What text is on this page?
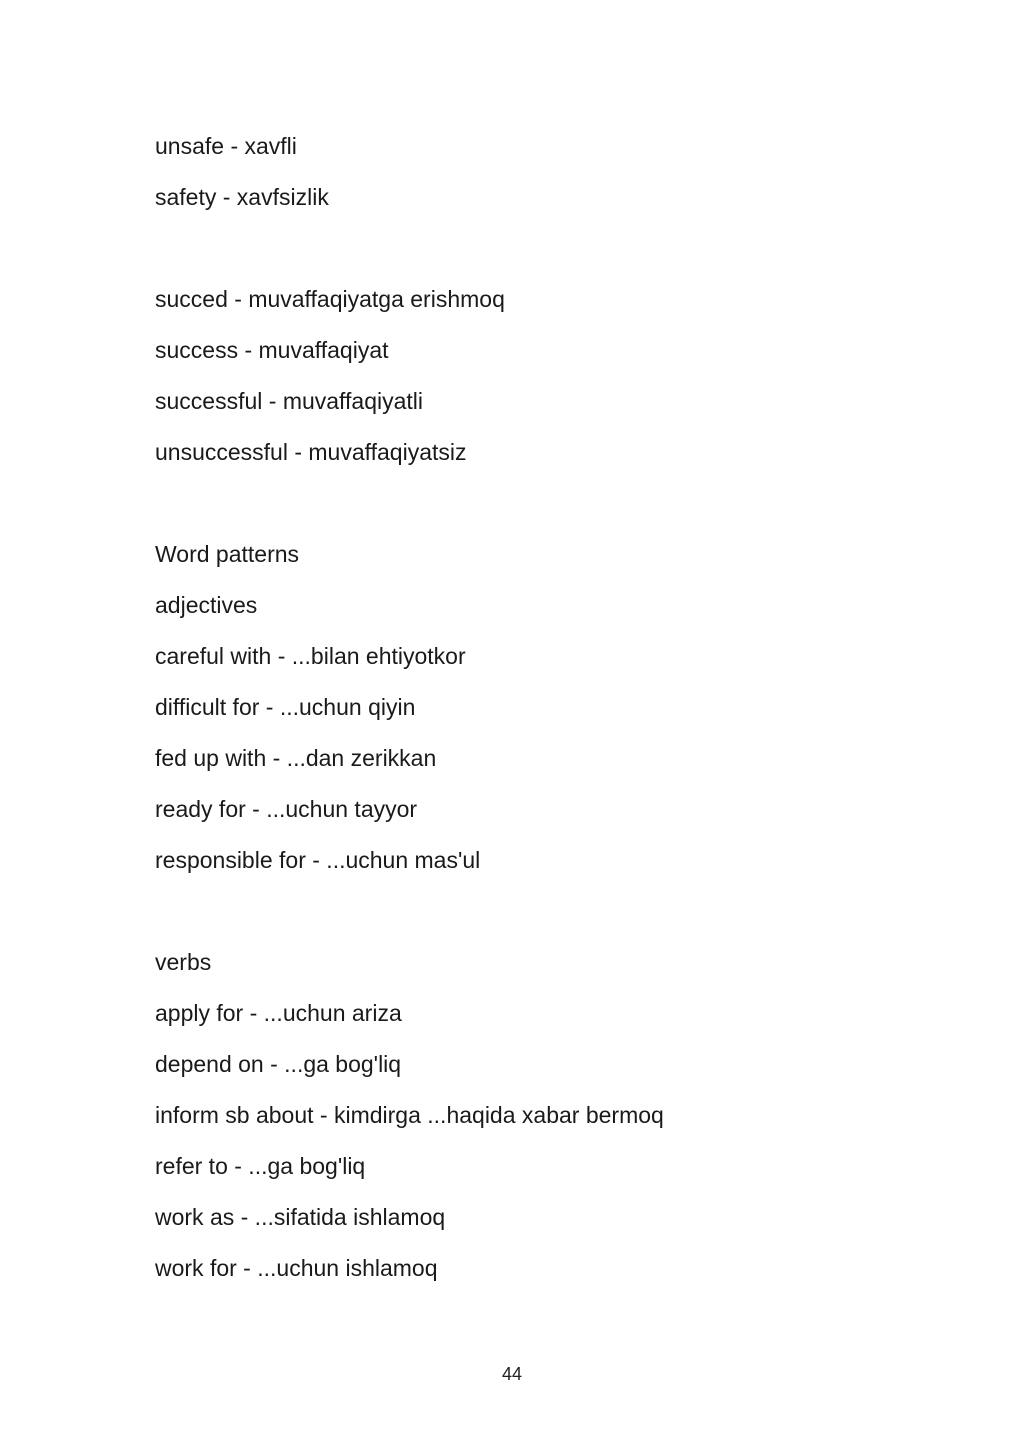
unsafe - xavfli
safety - xavfsizlik
succed - muvaffaqiyatga erishmoq
success - muvaffaqiyat
successful - muvaffaqiyatli
unsuccessful - muvaffaqiyatsiz
Word patterns
adjectives
careful with - ...bilan ehtiyotkor
difficult for - ...uchun qiyin
fed up with - ...dan zerikkan
ready for - ...uchun tayyor
responsible for - ...uchun mas'ul
verbs
apply for - ...uchun ariza
depend on - ...ga bog'liq
inform sb about - kimdirga ...haqida xabar bermoq
refer to - ...ga bog'liq
work as - ...sifatida ishlamoq
work for - ...uchun ishlamoq
44
